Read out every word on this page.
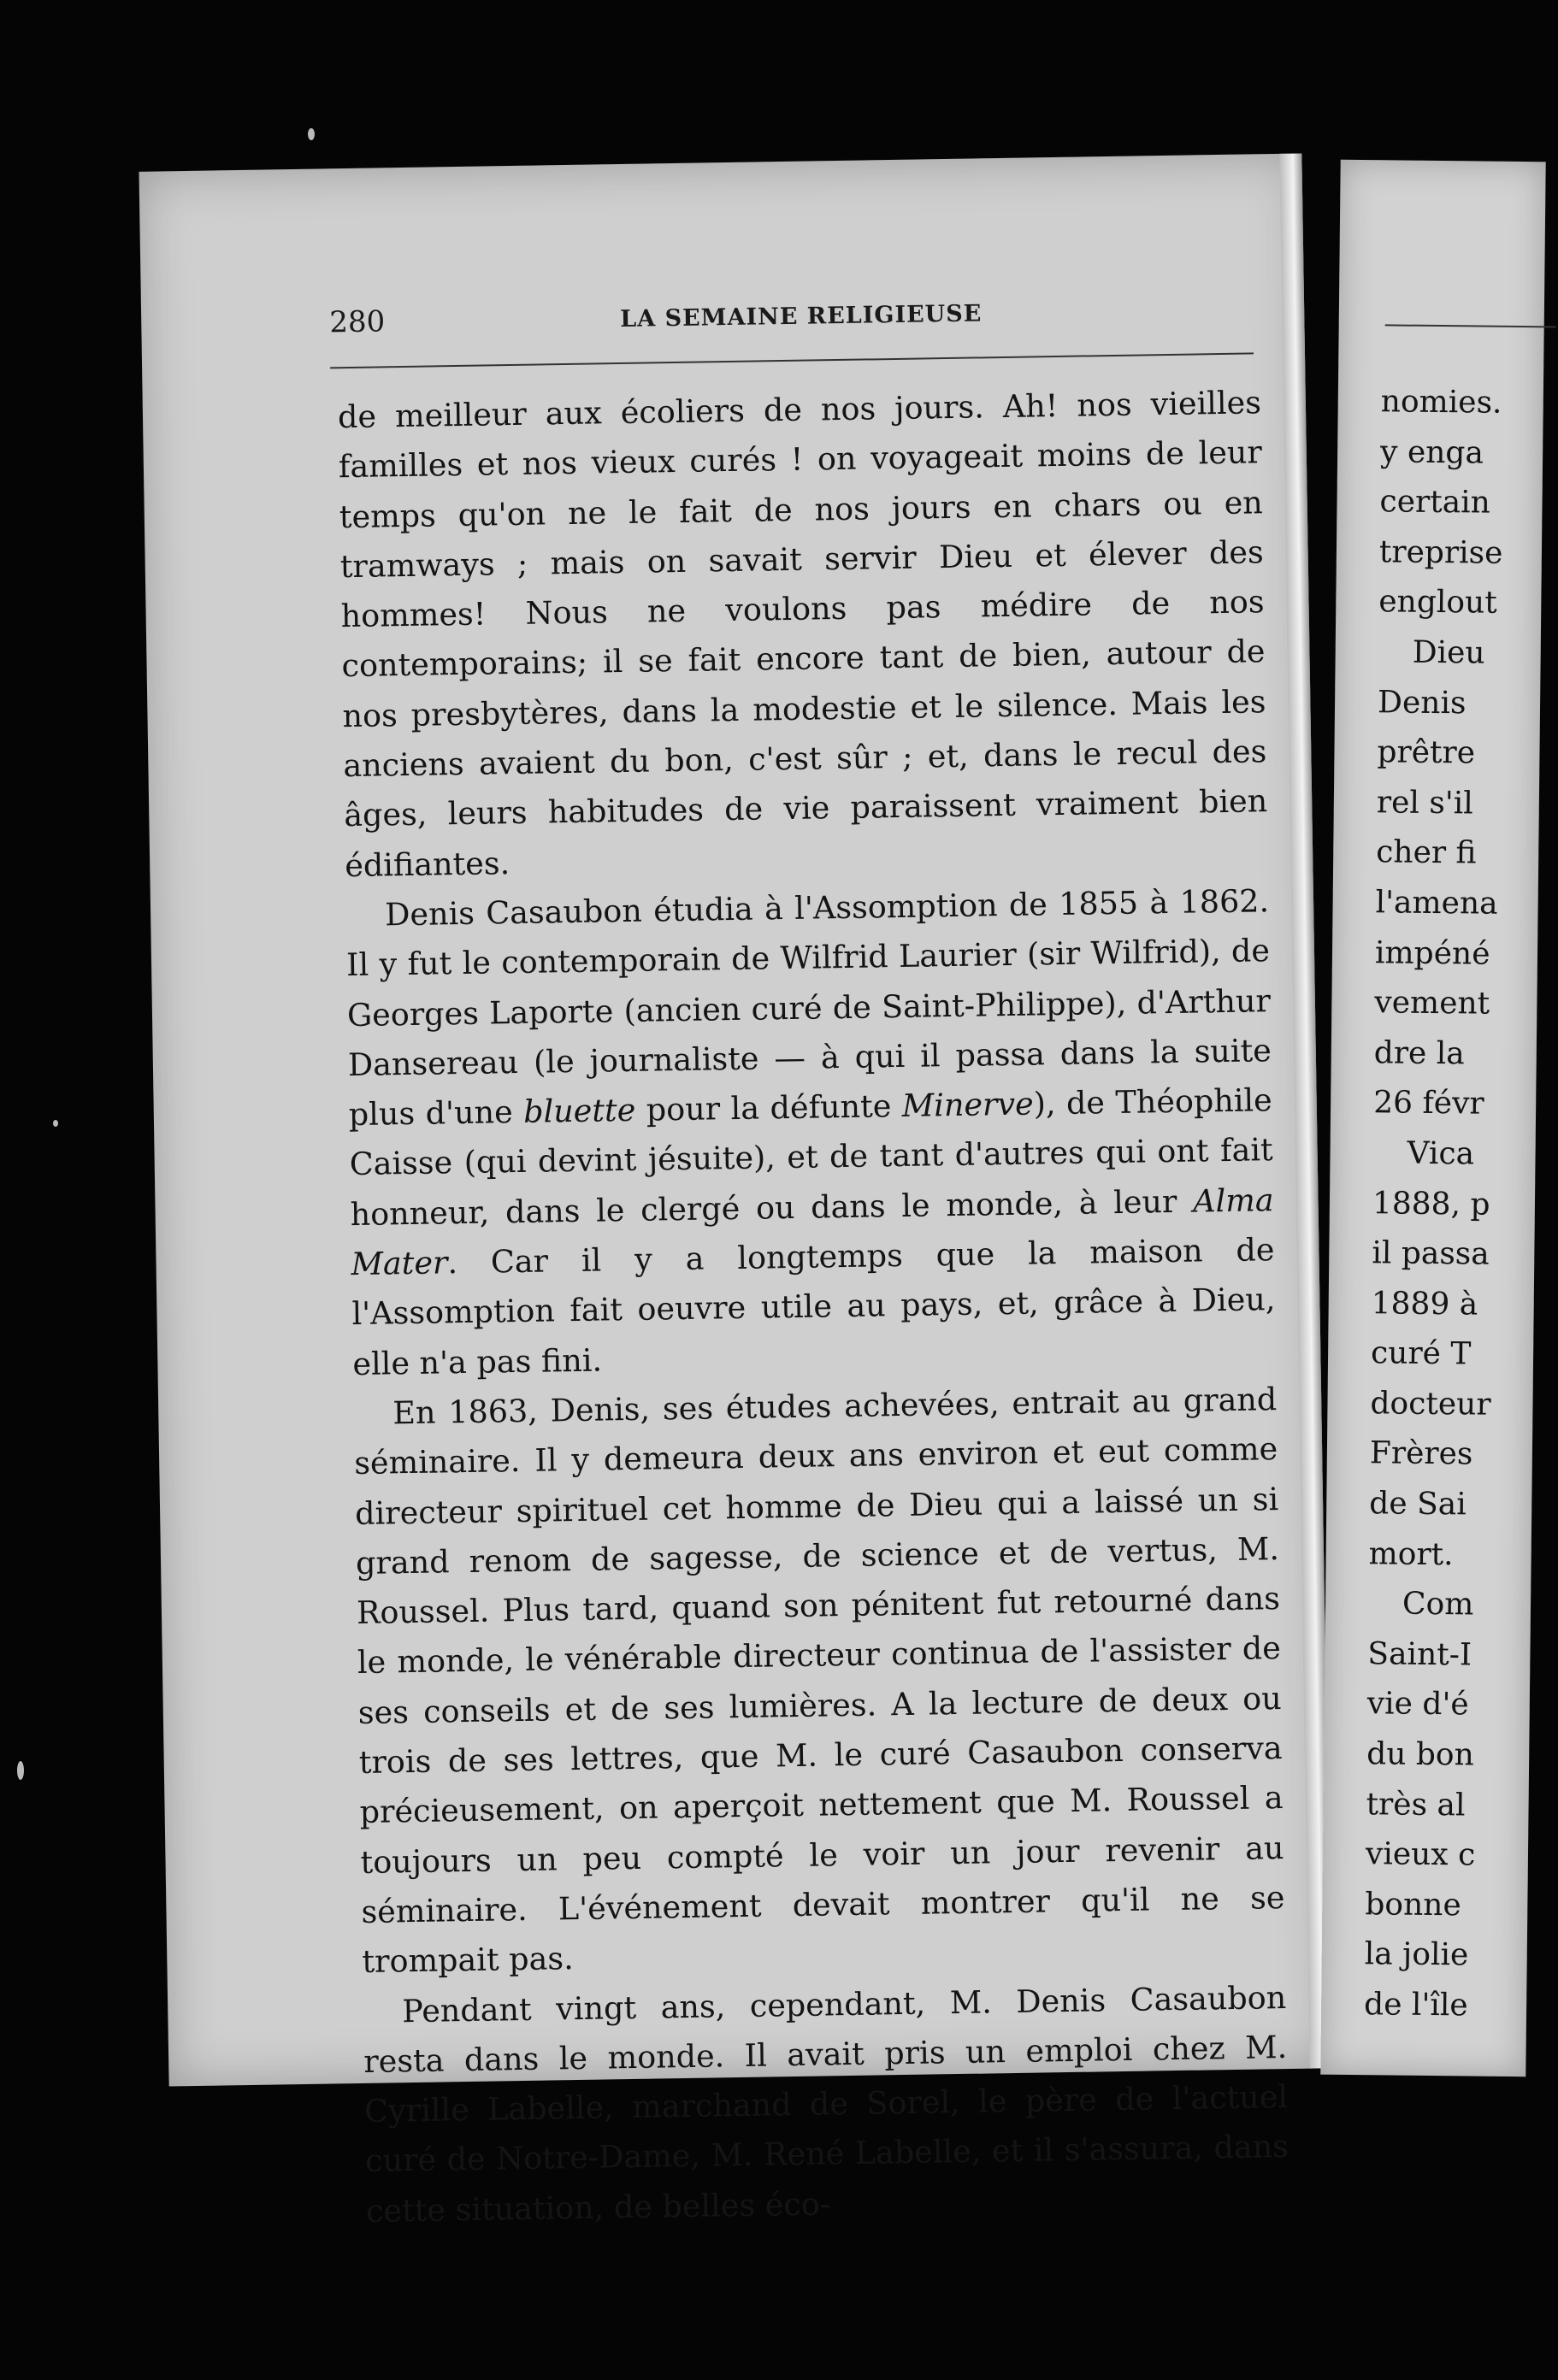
280	LA SEMAINE RELIGIEUSE

de meilleur aux écoliers de nos jours. Ah! nos vieilles familles et nos vieux curés ! on voyageait moins de leur temps qu'on ne le fait de nos jours en chars ou en tramways ; mais on savait servir Dieu et élever des hommes! Nous ne voulons pas médire de nos contemporains; il se fait encore tant de bien, autour de nos presbytères, dans la modestie et le silence. Mais les anciens avaient du bon, c'est sûr ; et, dans le recul des âges, leurs habitudes de vie paraissent vraiment bien édifiantes.

Denis Casaubon étudia à l'Assomption de 1855 à 1862. Il y fut le contemporain de Wilfrid Laurier (sir Wilfrid), de Georges Laporte (ancien curé de Saint-Philippe), d'Arthur Dansereau (le journaliste — à qui il passa dans la suite plus d'une bluette pour la défunte Minerve), de Théophile Caisse (qui devint jésuite), et de tant d'autres qui ont fait honneur, dans le clergé ou dans le monde, à leur Alma Mater. Car il y a longtemps que la maison de l'Assomption fait oeuvre utile au pays, et, grâce à Dieu, elle n'a pas fini.

En 1863, Denis, ses études achevées, entrait au grand séminaire. Il y demeura deux ans environ et eut comme directeur spirituel cet homme de Dieu qui a laissé un si grand renom de sagesse, de science et de vertus, M. Roussel. Plus tard, quand son pénitent fut retourné dans le monde, le vénérable directeur continua de l'assister de ses conseils et de ses lumières. A la lecture de deux ou trois de ses lettres, que M. le curé Casaubon conserva précieusement, on aperçoit nettement que M. Roussel a toujours un peu compté le voir un jour revenir au séminaire. L'événement devait montrer qu'il ne se trompait pas.

Pendant vingt ans, cependant, M. Denis Casaubon resta dans le monde. Il avait pris un emploi chez M. Cyrille Labelle, marchand de Sorel, le père de l'actuel curé de Notre-Dame, M. René Labelle, et il s'assura, dans cette situation, de belles éco-

nomies.
y enga
certain
treprise
englout
Dieu
Denis
prêtre
rel s'il
cher fi
l'amena
impéné
vement
dre la
26 févr
Vica
1888, p
il passa
1889 à
curé T
docteur
Frères
de Sai
mort.
Com
Saint-I
vie d'é
du bon
très al
vieux c
bonne
la jolie
de l'île
